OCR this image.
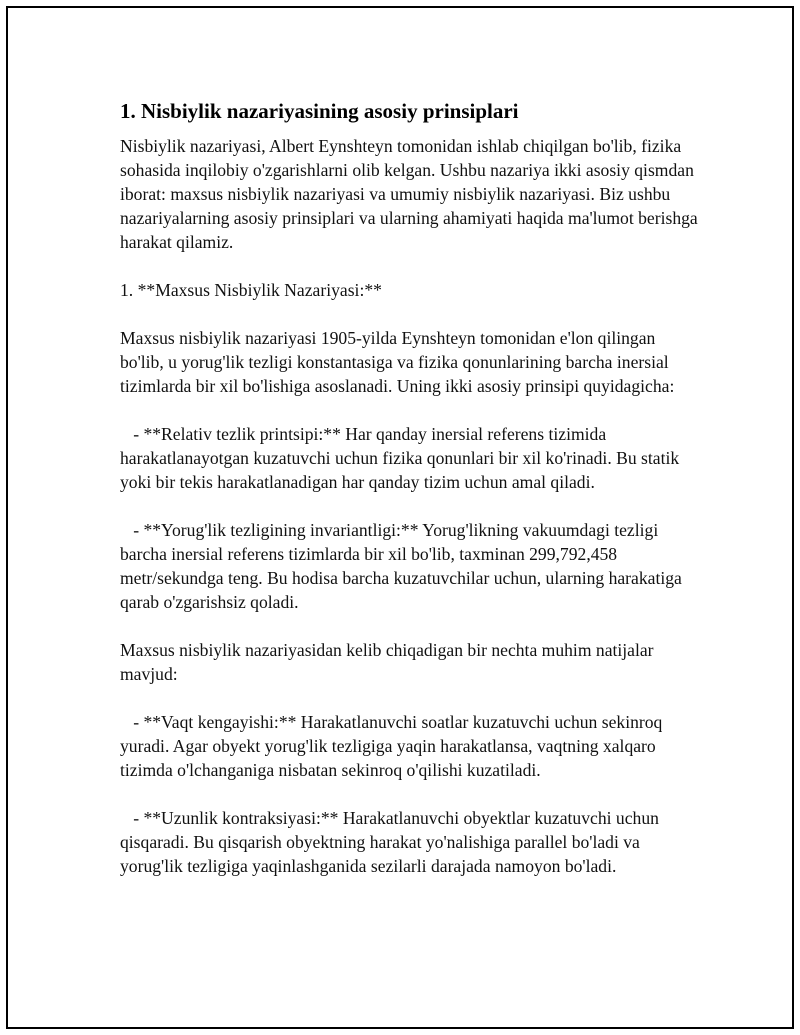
1. Nisbiylik nazariyasining asosiy prinsiplari

Nisbiylik nazariyasi, Albert Eynshteyn tomonidan ishlab chiqilgan bo'lib, fizika sohasida inqilobiy o'zgarishlarni olib kelgan. Ushbu nazariya ikki asosiy qismdan iborat: maxsus nisbiylik nazariyasi va umumiy nisbiylik nazariyasi. Biz ushbu nazariyalarning asosiy prinsiplari va ularning ahamiyati haqida ma'lumot berishga harakat qilamiz.

1. **Maxsus Nisbiylik Nazariyasi:**

Maxsus nisbiylik nazariyasi 1905-yilda Eynshteyn tomonidan e'lon qilingan bo'lib, u yorug'lik tezligi konstantasiga va fizika qonunlarining barcha inersial tizimlarda bir xil bo'lishiga asoslanadi. Uning ikki asosiy prinsipi quyidagicha:

- **Relativ tezlik printsipi:** Har qanday inersial referens tizimida harakatlanayotgan kuzatuvchi uchun fizika qonunlari bir xil ko'rinadi. Bu statik yoki bir tekis harakatlanadigan har qanday tizim uchun amal qiladi.

- **Yorug'lik tezligining invariantligi:** Yorug'likning vakuumdagi tezligi barcha inersial referens tizimlarda bir xil bo'lib, taxminan 299,792,458 metr/sekundga teng. Bu hodisa barcha kuzatuvchilar uchun, ularning harakatiga qarab o'zgarishsiz qoladi.

Maxsus nisbiylik nazariyasidan kelib chiqadigan bir nechta muhim natijalar mavjud:

- **Vaqt kengayishi:** Harakatlanuvchi soatlar kuzatuvchi uchun sekinroq yuradi. Agar obyekt yorug'lik tezligiga yaqin harakatlansa, vaqtning xalqaro tizimda o'lchanganiga nisbatan sekinroq o'qilishi kuzatiladi.

- **Uzunlik kontraksiyasi:** Harakatlanuvchi obyektlar kuzatuvchi uchun qisqaradi. Bu qisqarish obyektning harakat yo'nalishiga parallel bo'ladi va yorug'lik tezligiga yaqinlashganida sezilarli darajada namoyon bo'ladi.
